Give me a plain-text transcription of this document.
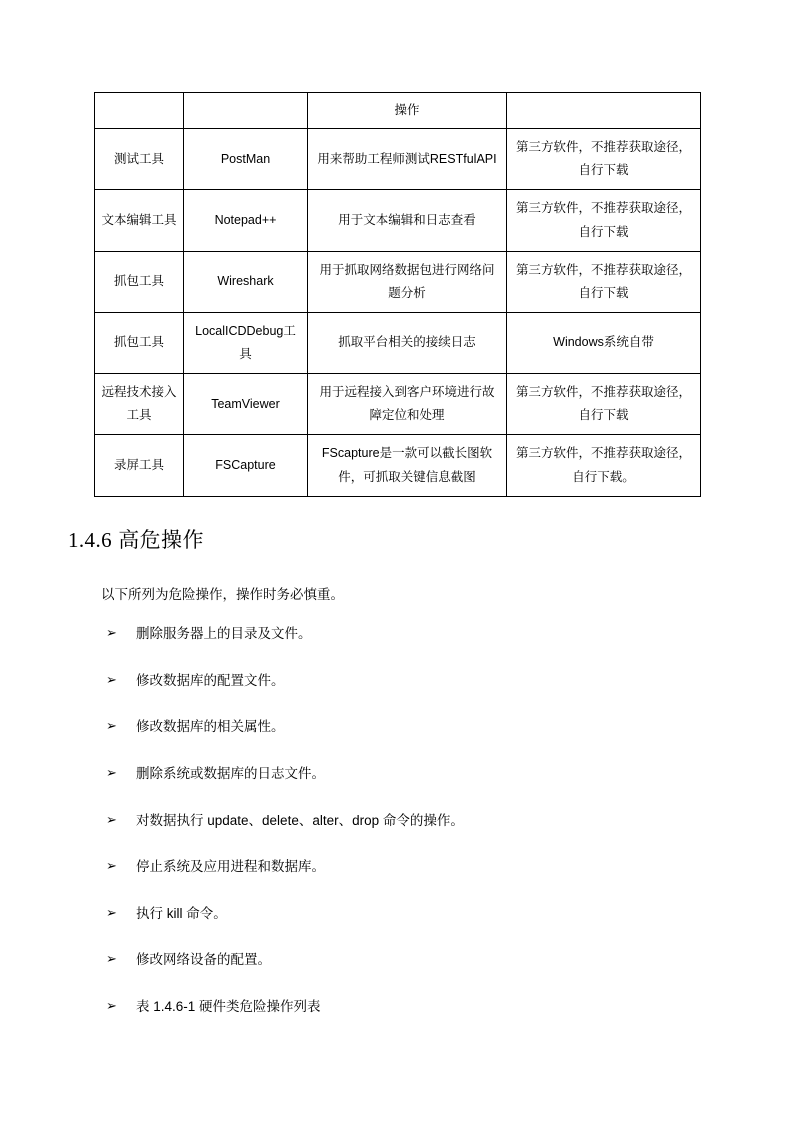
		操作	
测试工具	PostMan	用来帮助工程师测试RESTfulAPI	第三方软件，不推荐获取途径，自行下载
文本编辑工具	Notepad++	用于文本编辑和日志查看	第三方软件，不推荐获取途径，自行下载
抓包工具	Wireshark	用于抓取网络数据包进行网络问题分析	第三方软件，不推荐获取途径，自行下载
抓包工具	LocalICDDebug工具	抓取平台相关的接续日志	Windows系统自带
远程技术接入工具	TeamViewer	用于远程接入到客户环境进行故障定位和处理	第三方软件，不推荐获取途径，自行下载
录屏工具	FSCapture	FScapture是一款可以截长图软件，可抓取关键信息截图	第三方软件，不推荐获取途径，自行下载。
1.4.6 高危操作

以下所列为危险操作，操作时务必慎重。

➢ 删除服务器上的目录及文件。
➢ 修改数据库的配置文件。
➢ 修改数据库的相关属性。
➢ 删除系统或数据库的日志文件。
➢ 对数据执行 update、delete、alter、drop 命令的操作。
➢ 停止系统及应用进程和数据库。
➢ 执行 kill 命令。
➢ 修改网络设备的配置。
➢ 表 1.4.6-1 硬件类危险操作列表
